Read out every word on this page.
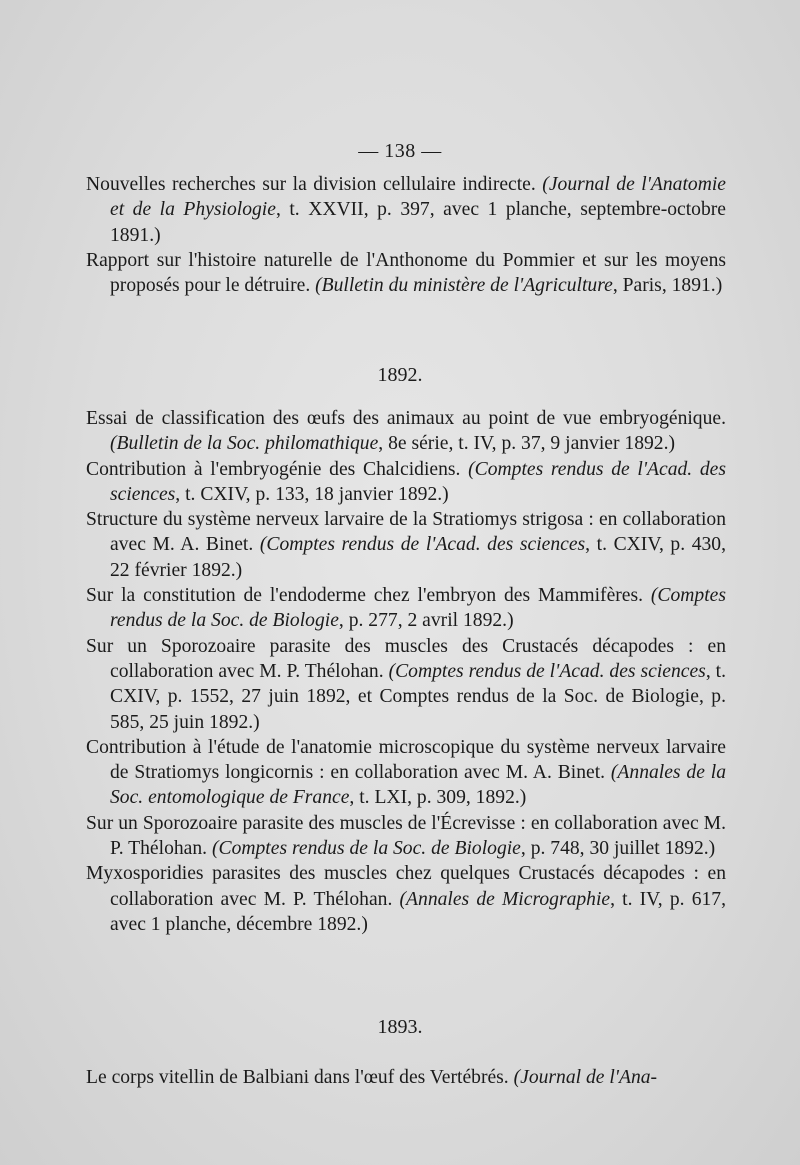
— 138 —

Nouvelles recherches sur la division cellulaire indirecte. (Journal de l'Anatomie et de la Physiologie, t. XXVII, p. 397, avec 1 planche, septembre-octobre 1891.)

Rapport sur l'histoire naturelle de l'Anthonome du Pommier et sur les moyens proposés pour le détruire. (Bulletin du ministère de l'Agriculture, Paris, 1891.)

1892.

Essai de classification des œufs des animaux au point de vue embryogénique. (Bulletin de la Soc. philomathique, 8e série, t. IV, p. 37, 9 janvier 1892.)

Contribution à l'embryogénie des Chalcidiens. (Comptes rendus de l'Acad. des sciences, t. CXIV, p. 133, 18 janvier 1892.)

Structure du système nerveux larvaire de la Stratiomys strigosa : en collaboration avec M. A. Binet. (Comptes rendus de l'Acad. des sciences, t. CXIV, p. 430, 22 février 1892.)

Sur la constitution de l'endoderme chez l'embryon des Mammifères. (Comptes rendus de la Soc. de Biologie, p. 277, 2 avril 1892.)

Sur un Sporozoaire parasite des muscles des Crustacés décapodes : en collaboration avec M. P. Thélohan. (Comptes rendus de l'Acad. des sciences, t. CXIV, p. 1552, 27 juin 1892, et Comptes rendus de la Soc. de Biologie, p. 585, 25 juin 1892.)

Contribution à l'étude de l'anatomie microscopique du système nerveux larvaire de Stratiomys longicornis : en collaboration avec M. A. Binet. (Annales de la Soc. entomologique de France, t. LXI, p. 309, 1892.)

Sur un Sporozoaire parasite des muscles de l'Écrevisse : en collaboration avec M. P. Thélohan. (Comptes rendus de la Soc. de Biologie, p. 748, 30 juillet 1892.)

Myxosporidies parasites des muscles chez quelques Crustacés décapodes : en collaboration avec M. P. Thélohan. (Annales de Micrographie, t. IV, p. 617, avec 1 planche, décembre 1892.)

1893.

Le corps vitellin de Balbiani dans l'œuf des Vertébrés. (Journal de l'Ana-
